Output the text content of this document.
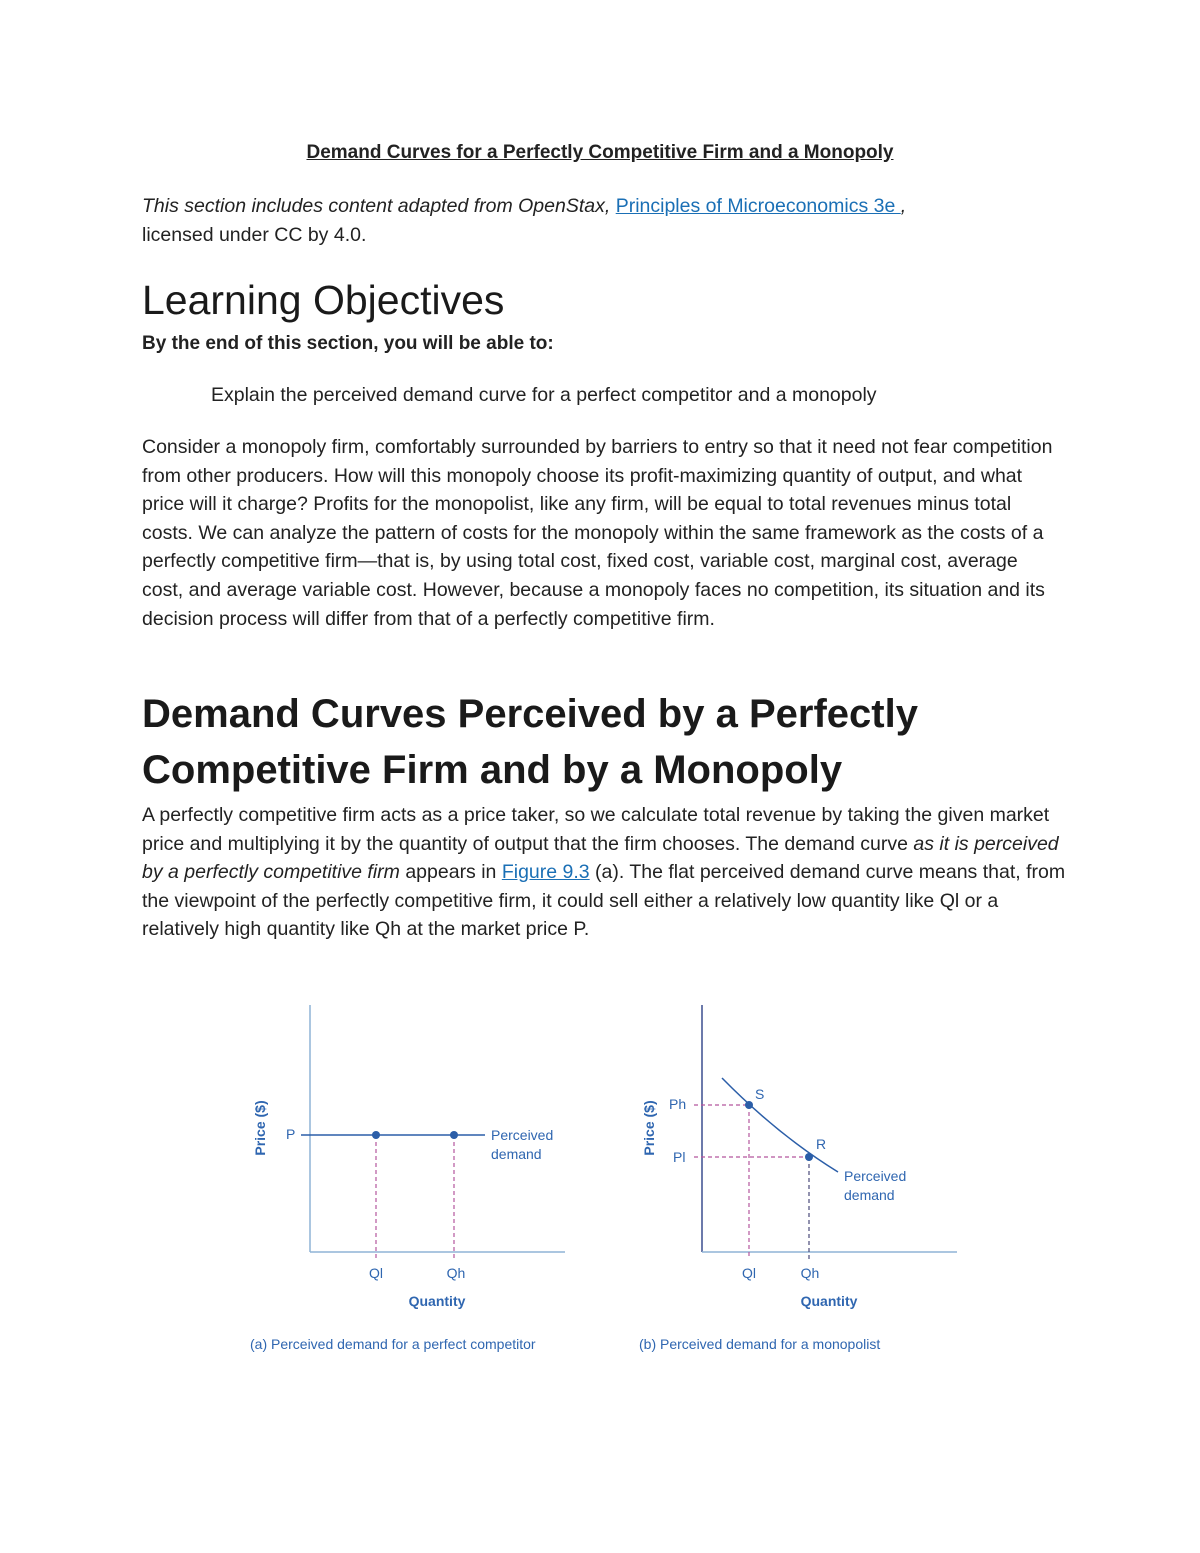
Demand Curves for a Perfectly Competitive Firm and a Monopoly
This section includes content adapted from OpenStax, Principles of Microeconomics 3e ,
licensed under CC by 4.0.
Learning Objectives
By the end of this section, you will be able to:
Explain the perceived demand curve for a perfect competitor and a monopoly
Consider a monopoly firm, comfortably surrounded by barriers to entry so that it need not fear competition from other producers. How will this monopoly choose its profit-maximizing quantity of output, and what price will it charge? Profits for the monopolist, like any firm, will be equal to total revenues minus total costs. We can analyze the pattern of costs for the monopoly within the same framework as the costs of a perfectly competitive firm—that is, by using total cost, fixed cost, variable cost, marginal cost, average cost, and average variable cost. However, because a monopoly faces no competition, its situation and its decision process will differ from that of a perfectly competitive firm.
Demand Curves Perceived by a Perfectly Competitive Firm and by a Monopoly
A perfectly competitive firm acts as a price taker, so we calculate total revenue by taking the given market price and multiplying it by the quantity of output that the firm chooses. The demand curve as it is perceived by a perfectly competitive firm appears in Figure 9.3 (a). The flat perceived demand curve means that, from the viewpoint of the perfectly competitive firm, it could sell either a relatively low quantity like Ql or a relatively high quantity like Qh at the market price P.
Price ($) P	Perceived
demand
Ql	Qh
Quantity
(a) Perceived demand for a perfect competitor
Price ($) Ph
Pl
S
R
Perceived
demand
Ql	Qh
Quantity
(b) Perceived demand for a monopolist
